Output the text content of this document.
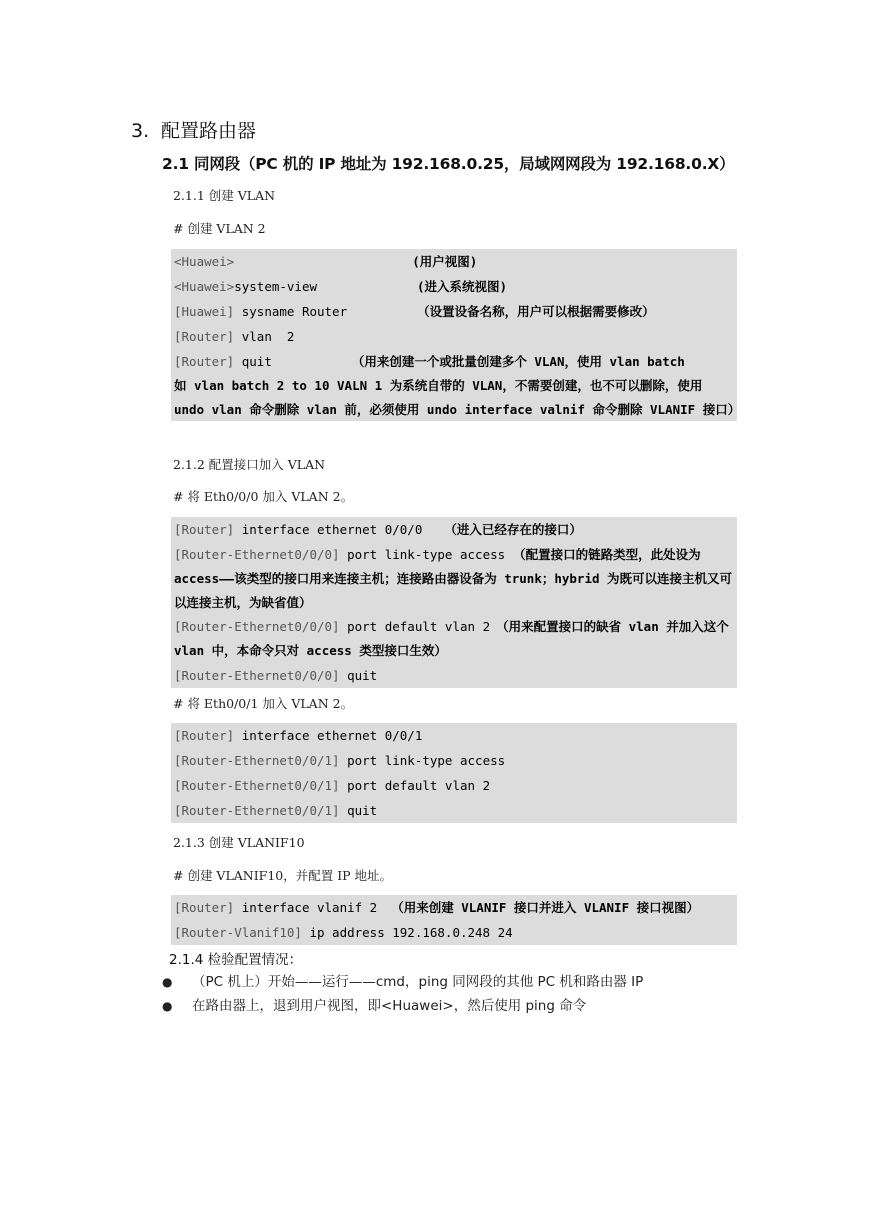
3. 配置路由器
2.1 同网段（PC 机的 IP 地址为 192.168.0.25，局域网网段为 192.168.0.X）
2.1.1 创建 VLAN
# 创建 VLAN 2
<Huawei>	(用户视图)
<Huawei>system-view	(进入系统视图)
[Huawei] sysname Router	（设置设备名称，用户可以根据需要修改）
[Router] vlan  2
[Router] quit	（用来创建一个或批量创建多个 VLAN，使用 vlan batch
如 vlan batch 2 to 10 VALN 1 为系统自带的 VLAN，不需要创建，也不可以删除，使用 undo vlan 命令删除 vlan 前，必须使用 undo interface valnif 命令删除 VLANIF 接口）
2.1.2 配置接口加入 VLAN
# 将 Eth0/0/0 加入 VLAN 2。
[Router] interface ethernet 0/0/0 （进入已经存在的接口）
[Router-Ethernet0/0/0] port link-type access （配置接口的链路类型，此处设为
access——该类型的接口用来连接主机；连接路由器设备为 trunk；hybrid 为既可以连接主机又可以连接主机，为缺省值）
[Router-Ethernet0/0/0] port default vlan 2 （用来配置接口的缺省 vlan 并加入这个
vlan 中，本命令只对 access 类型接口生效）
[Router-Ethernet0/0/0] quit
# 将 Eth0/0/1 加入 VLAN 2。
[Router] interface ethernet 0/0/1
[Router-Ethernet0/0/1] port link-type access
[Router-Ethernet0/0/1] port default vlan 2
[Router-Ethernet0/0/1] quit
2.1.3 创建 VLANIF10
# 创建 VLANIF10，并配置 IP 地址。
[Router] interface vlanif 2 （用来创建 VLANIF 接口并进入 VLANIF 接口视图）
[Router-Vlanif10] ip address 192.168.0.248 24
2.1.4 检验配置情况：
● （PC 机上）开始——运行——cmd，ping 同网段的其他 PC 机和路由器 IP
● 在路由器上，退到用户视图，即<Huawei>，然后使用 ping 命令
